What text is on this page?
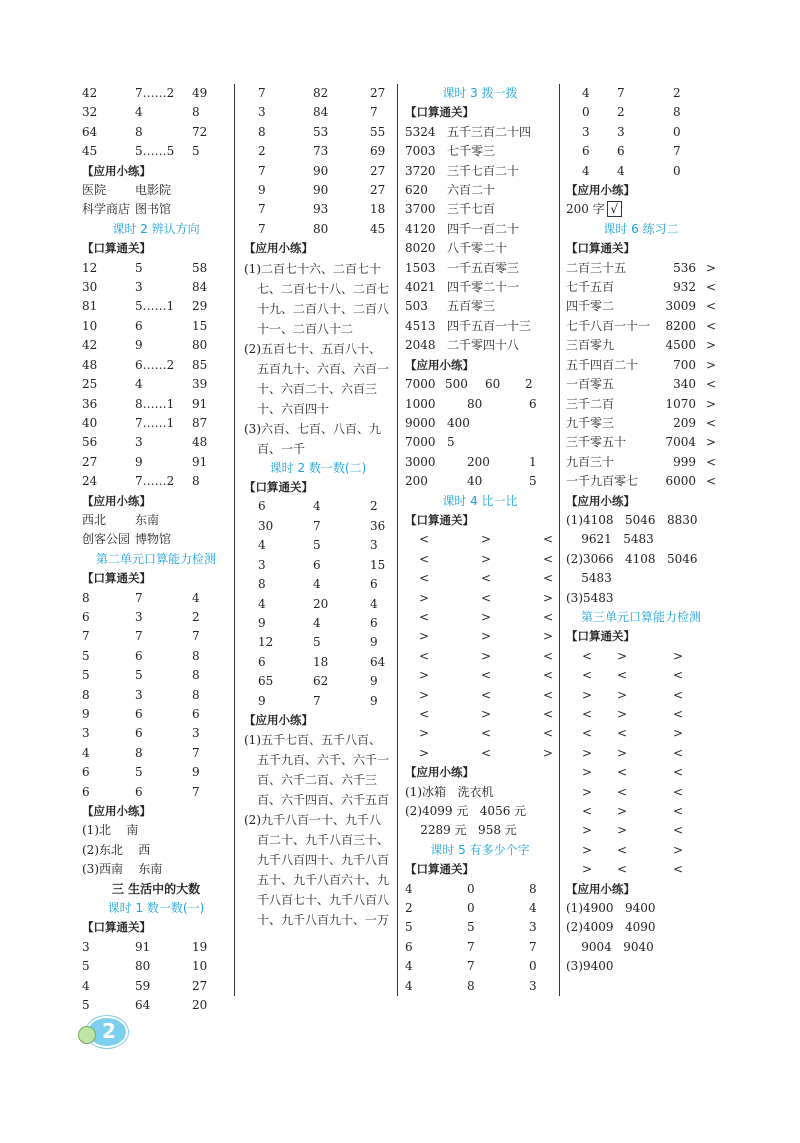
42	7……2	49
32	4	8
64	8	72
45	5……5	5
【应用小练】
医院	电影院
科学商店 图书馆
课时 2 辨认方向
【口算通关】
12	5	58
30	3	84
81	5……1	29
10	6	15
42	9	80
48	6……2	85
25	4	39
36	8……1	91
40	7……1	87
56	3	48
27	9	91
24	7……2	8
【应用小练】
西北	东南
创客公园 博物馆
第二单元口算能力检测
【口算通关】
8	7	4
6	3	2
7	7	7
5	6	8
5	5	8
8	3	8
9	6	6
3	6	3
4	8	7
6	5	9
6	6	7
【应用小练】
(1)北    南
(2)东北    西
(3)西南    东南
三 生活中的大数
课时 1 数一数(一)
【口算通关】
3	91	19
5	80	10
4	59	27
5	64	20
7	82	27
3	84	7
8	53	55
2	73	69
7	90	27
9	90	27
7	93	18
7	80	45
【应用小练】
(1)二百七十六、二百七十七、二百七十八、二百七十九、二百八十、二百八十一、二百八十二
(2)五百七十、五百八十、五百九十、六百、六百一十、六百二十、六百三十、六百四十
(3)六百、七百、八百、九百、一千
课时 2 数一数(二)
【口算通关】
6	4	2
30	7	36
4	5	3
3	6	15
8	4	6
4	20	4
9	4	6
12	5	9
6	18	64
65	62	9
9	7	9
【应用小练】
(1)五千七百、五千八百、五千九百、六千、六千一百、六千二百、六千三百、六千四百、六千五百
(2)九千八百一十、九千八百二十、九千八百三十、九千八百四十、九千八百五十、九千八百六十、九千八百七十、九千八百八十、九千八百九十、一万
课时 3 拨一拨
【口算通关】
5324 五千三百二十四
7003 七千零三
3720 三千七百二十
620	六百二十
3700 三千七百
4120 四千一百二十
8020 八千零二十
1503 一千五百零三
4021 四千零二十一
503	五百零三
4513 四千五百一十三
2048 二千零四十八
【应用小练】
7000 500	60	2
1000	80	6
9000 400
7000 5
3000	200	1
200	40	5
课时 4 比一比
【口算通关】
<	>	<
<	>	<
<	<	<
>	<	>
<	>	<
>	>	>
<	>	<
>	<	<
>	<	<
<	>	<
>	<	<
>	<	>
【应用小练】
(1)冰箱   洗衣机
(2)4099 元   4056 元
2289 元   958 元
课时 5 有多少个字
【口算通关】
4	0	8
2	0	4
5	5	3
6	7	7
4	7	0
4	8	3
4	7	2
0	2	8
3	3	0
6	6	7
4	4	0
【应用小练】
200 字 √
课时 6 练习二
【口算通关】
二百三十五	536 >
七千五百	932 <
四千零二	3009 <
七千八百一十一	8200 <
三百零九	4500 >
五千四百二十	700 >
一百零五	340 <
三千二百	1070 >
九千零三	209 <
三千零五十	7004 >
九百三十	999 <
一千九百零七	6000 <
【应用小练】
(1)4108   5046   8830
9621   5483
(2)3066   4108   5046
5483
(3)5483
第三单元口算能力检测
【口算通关】
<	>	>
<	<	<
>	>	<
<	>	<
<	<	>
>	>	<
>	<	<
>	<	<
<	>	<
>	>	<
>	<	>
>	<	<
【应用小练】
(1)4900   9400
(2)4009   4090
9004   9040
(3)9400
2
